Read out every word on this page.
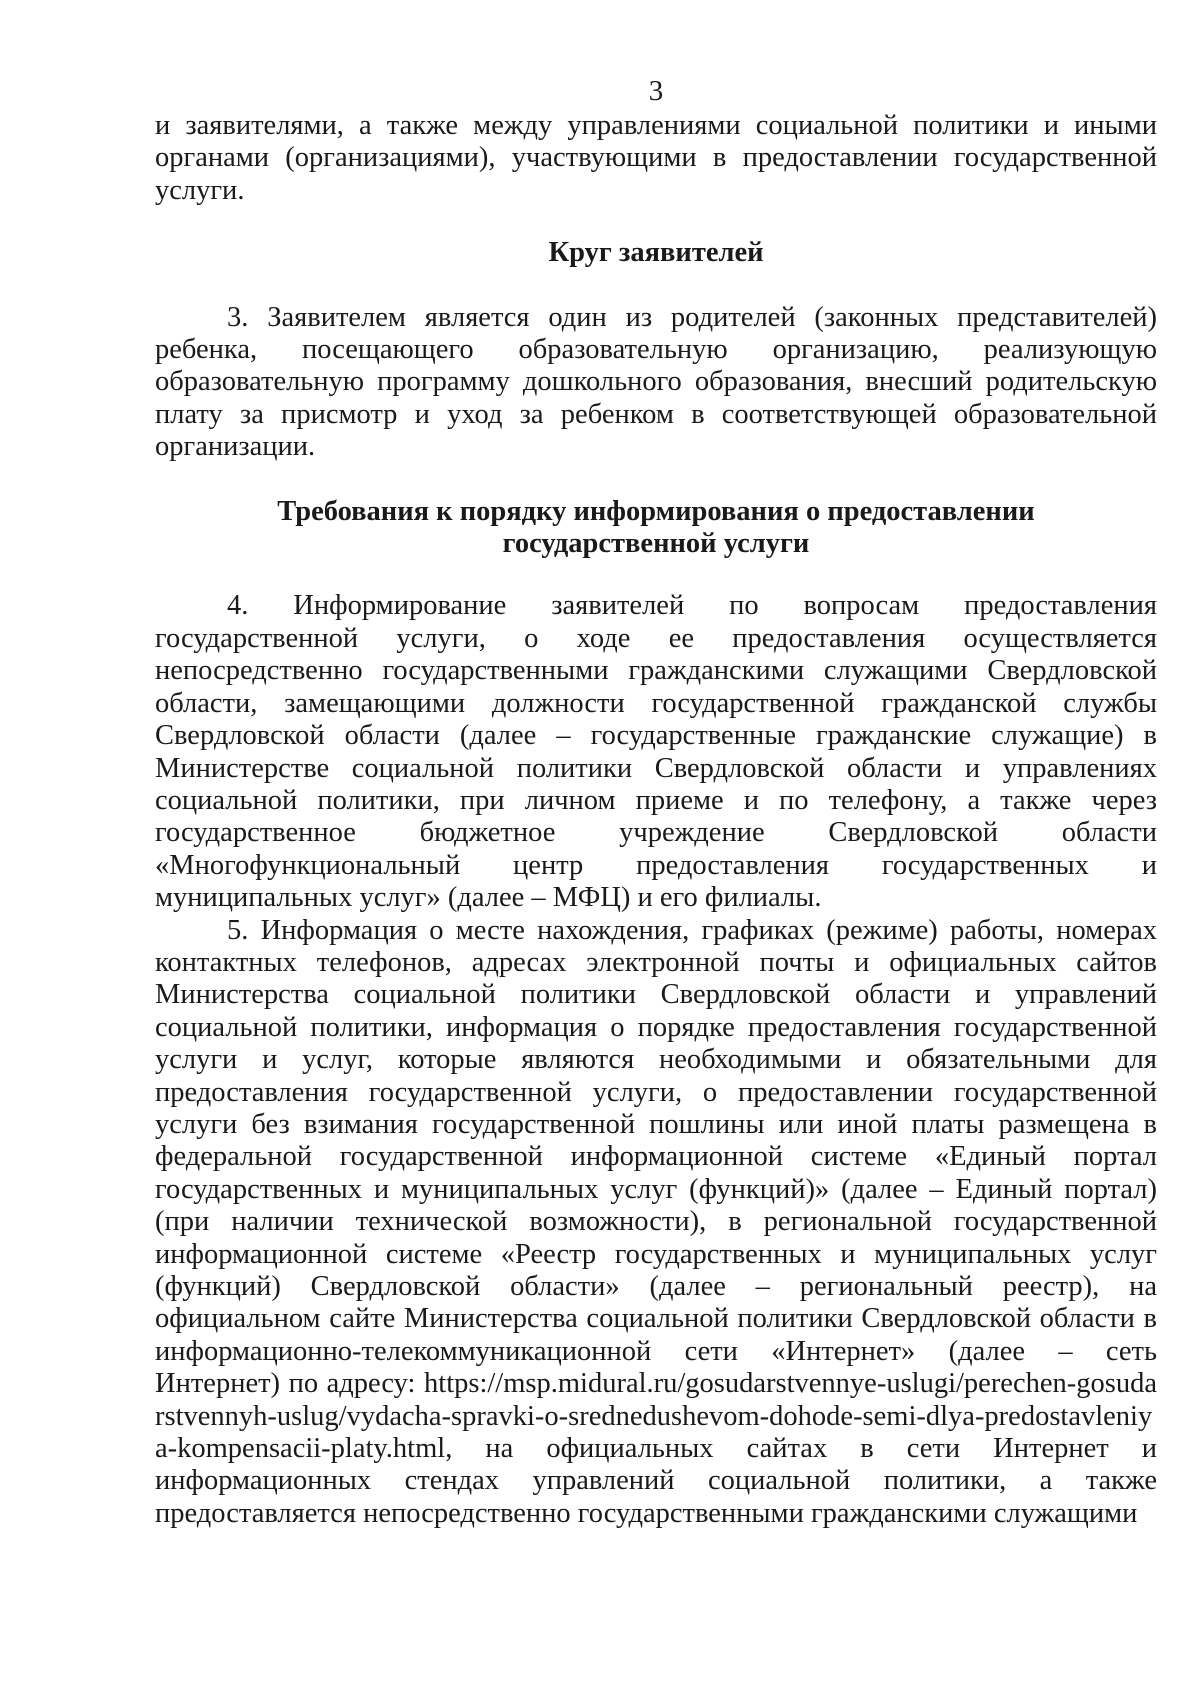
3

и заявителями, а также между управлениями социальной политики и иными органами (организациями), участвующими в предоставлении государственной услуги.

Круг заявителей

3. Заявителем является один из родителей (законных представителей) ребенка, посещающего образовательную организацию, реализующую образовательную программу дошкольного образования, внесший родительскую плату за присмотр и уход за ребенком в соответствующей образовательной организации.

Требования к порядку информирования о предоставлении
государственной услуги

4. Информирование заявителей по вопросам предоставления государственной услуги, о ходе ее предоставления осуществляется непосредственно государственными гражданскими служащими Свердловской области, замещающими должности государственной гражданской службы Свердловской области (далее – государственные гражданские служащие) в Министерстве социальной политики Свердловской области и управлениях социальной политики, при личном приеме и по телефону, а также через государственное бюджетное учреждение Свердловской области «Многофункциональный центр предоставления государственных и муниципальных услуг» (далее – МФЦ) и его филиалы.

5. Информация о месте нахождения, графиках (режиме) работы, номерах контактных телефонов, адресах электронной почты и официальных сайтов Министерства социальной политики Свердловской области и управлений социальной политики, информация о порядке предоставления государственной услуги и услуг, которые являются необходимыми и обязательными для предоставления государственной услуги, о предоставлении государственной услуги без взимания государственной пошлины или иной платы размещена в федеральной государственной информационной системе «Единый портал государственных и муниципальных услуг (функций)» (далее – Единый портал) (при наличии технической возможности), в региональной государственной информационной системе «Реестр государственных и муниципальных услуг (функций) Свердловской области» (далее – региональный реестр), на официальном сайте Министерства социальной политики Свердловской области в информационно-телекоммуникационной сети «Интернет» (далее – сеть Интернет) по адресу: https://msp.midural.ru/gosudarstvennye-uslugi/perechen-gosudarstvennyh-uslug/vydacha-spravki-o-srednedushevom-dohode-semi-dlya-predostavleniya-kompensacii-platy.html, на официальных сайтах в сети Интернет и информационных стендах управлений социальной политики, а также предоставляется непосредственно государственными гражданскими служащими
